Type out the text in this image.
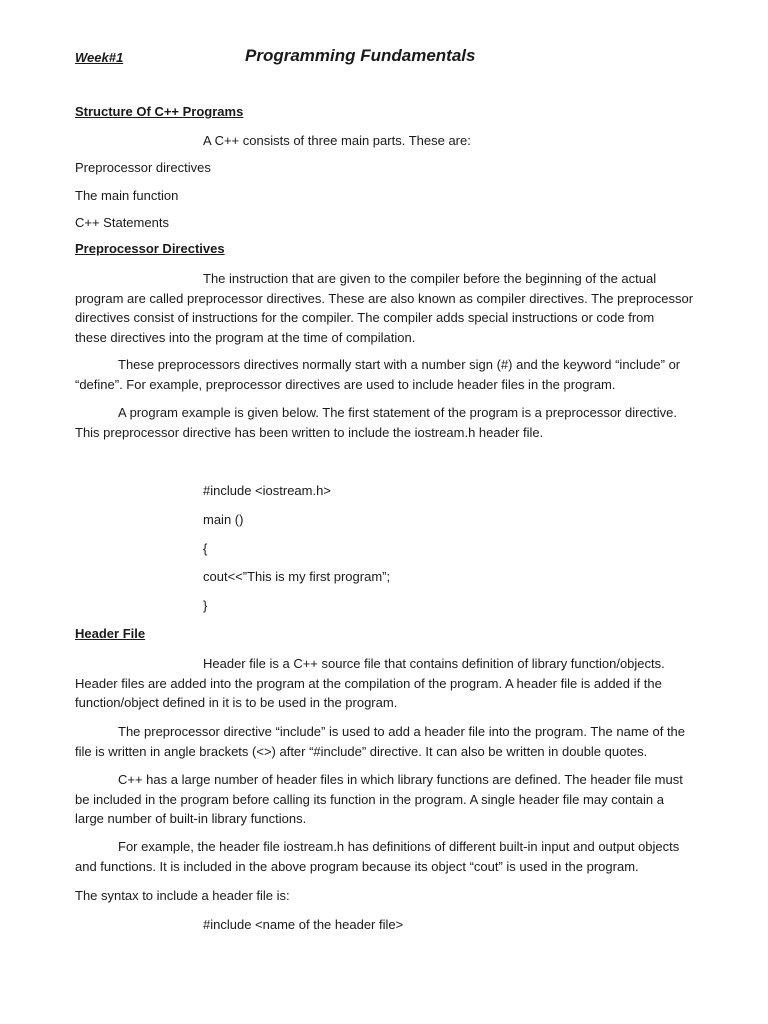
Week#1	Programming Fundamentals
Structure Of C++ Programs
A C++ consists of three main parts. These are:
Preprocessor directives
The main function
C++ Statements
Preprocessor Directives
The instruction that are given to the compiler before the beginning of the actual
program are called preprocessor directives. These are also known as compiler directives. The preprocessor
directives consist of instructions for the compiler. The compiler adds special instructions or code from
these directives into the program at the time of compilation.
These preprocessors directives normally start with a number sign (#) and the keyword “include” or
“define”. For example, preprocessor directives are used to include header files in the program.
A program example is given below. The first statement of the program is a preprocessor directive.
This preprocessor directive has been written to include the iostream.h header file.
#include <iostream.h>
main ()
{
cout<<”This is my first program”;
}
Header File
Header file is a C++ source file that contains definition of library function/objects.
Header files are added into the program at the compilation of the program. A header file is added if the
function/object defined in it is to be used in the program.
The preprocessor directive “include” is used to add a header file into the program. The name of the
file is written in angle brackets (<>) after “#include” directive. It can also be written in double quotes.
C++ has a large number of header files in which library functions are defined. The header file must
be included in the program before calling its function in the program. A single header file may contain a
large number of built-in library functions.
For example, the header file iostream.h has definitions of different built-in input and output objects
and functions. It is included in the above program because its object “cout” is used in the program.
The syntax to include a header file is:
#include <name of the header file>
